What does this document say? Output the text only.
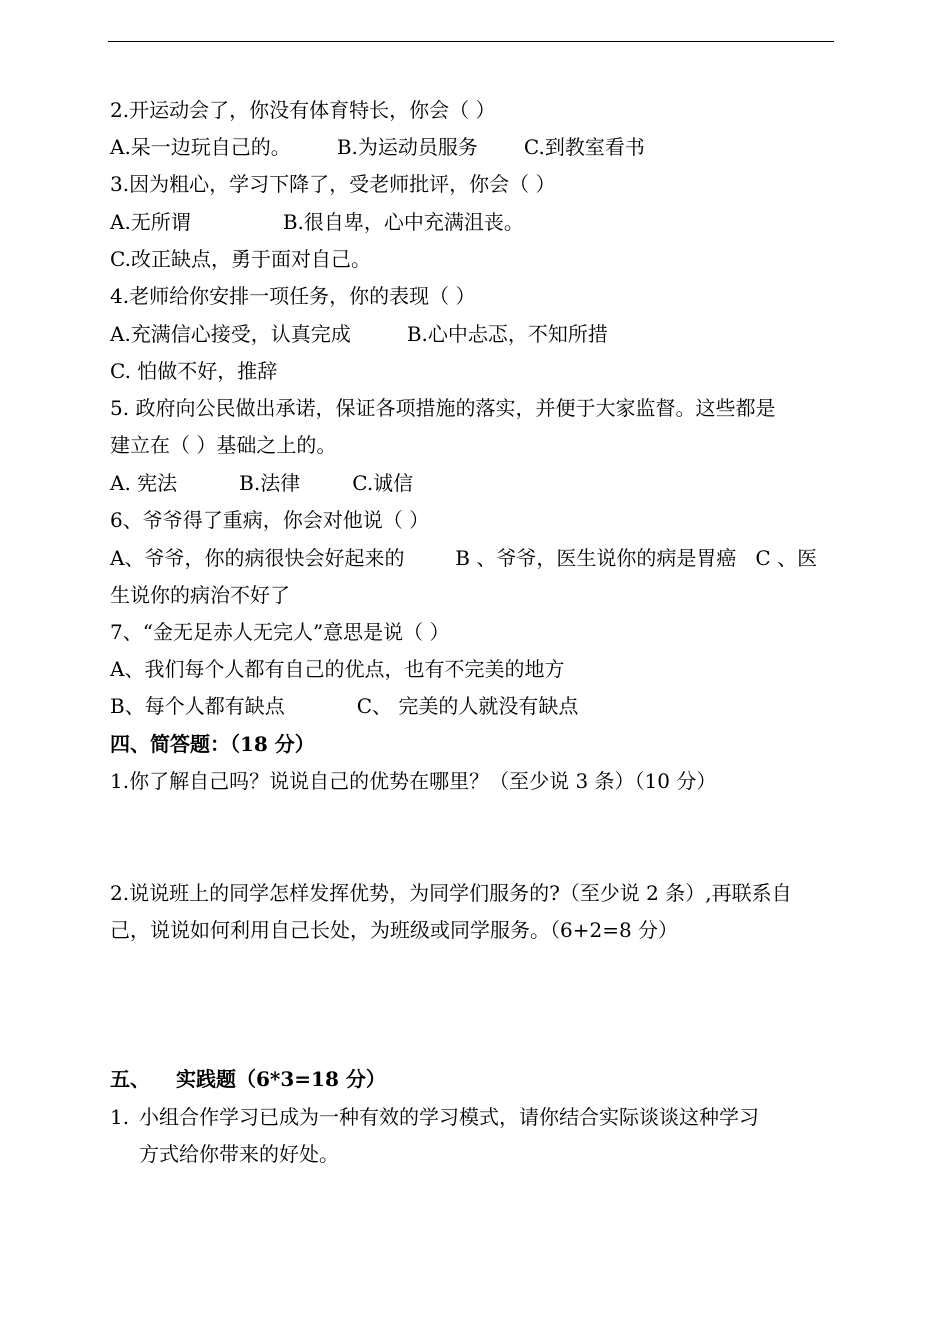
2.开运动会了，你没有体育特长，你会（ ）
A.呆一边玩自己的。 B.为运动员服务 C.到教室看书
3.因为粗心，学习下降了，受老师批评，你会（ ）
A.无所谓	B.很自卑，心中充满沮丧。
C.改正缺点，勇于面对自己。
4.老师给你安排一项任务，你的表现（ ）
A.充满信心接受，认真完成	B.心中忐忑，不知所措
C. 怕做不好，推辞
5. 政府向公民做出承诺，保证各项措施的落实，并便于大家监督。这些都是
建立在（ ）基础之上的。
A. 宪法	B.法律	C.诚信
6、爷爷得了重病，你会对他说（ ）
A、爷爷，你的病很快会好起来的        B 、爷爷，医生说你的病是胃癌   C 、医
生说你的病治不好了
7、“金无足赤人无完人”意思是说（ ）
A、我们每个人都有自己的优点，也有不完美的地方
B、每个人都有缺点	C、 完美的人就没有缺点
四、简答题：（18 分）
1.你了解自己吗？说说自己的优势在哪里？（至少说 3 条）（10 分）
2.说说班上的同学怎样发挥优势，为同学们服务的?（至少说 2 条）,再联系自
己，说说如何利用自己长处，为班级或同学服务。（6+2=8 分）
五、 实践题（6*3=18 分）
1. 小组合作学习已成为一种有效的学习模式，请你结合实际谈谈这种学习
方式给你带来的好处。
